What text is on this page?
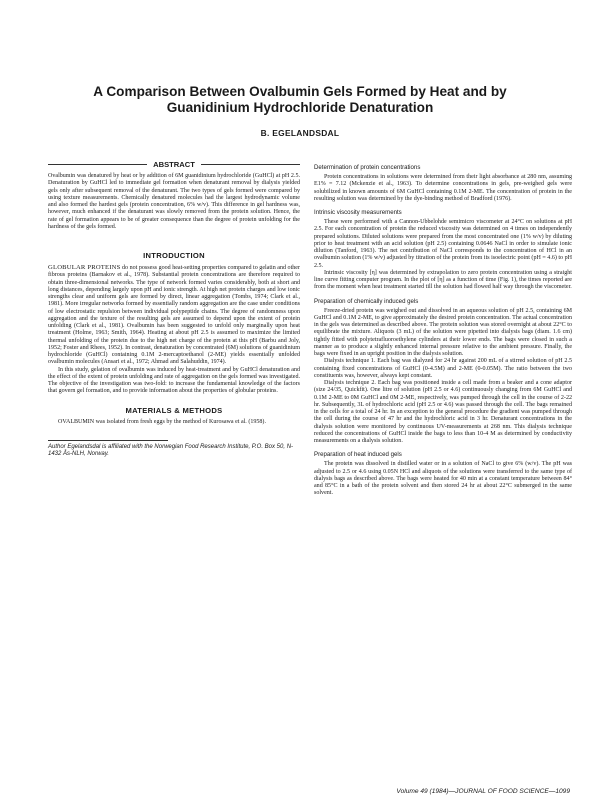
A Comparison Between Ovalbumin Gels Formed by Heat and by Guanidinium Hydrochloride Denaturation
B. EGELANDSDAL
ABSTRACT

Ovalbumin was denatured by heat or by addition of 6M guanidinium hydrochloride (GuHCl) at pH 2.5. Denaturation by GuHCl led to immediate gel formation when denaturant removal by dialysis yielded gels only after subsequent removal of the denaturant. The two types of gels formed were compared by using texture measurements. Chemically denatured molecules had the largest hydrodynamic volume and also formed the hardest gels (protein concentration, 6% w/v). This difference in gel hardness was, however, much enhanced if the denaturant was slowly removed from the protein solution. Hence, the rate of gel formation appears to be of greater consequence than the degree of protein unfolding for the hardness of the gels formed.

INTRODUCTION

GLOBULAR PROTEINS do not possess good heat-setting properties compared to gelatin and other fibrous proteins (Barnakov et al., 1978). Substantial protein concentrations are therefore required to obtain three-dimensional networks. The type of network formed varies considerably, both at short and long distances, depending largely upon pH and ionic strength. At high net protein charges and low ionic strengths clear and uniform gels are formed by direct, linear aggregation (Tombs, 1974; Clark et al., 1981). More irregular networks formed by essentially random aggregation are the case under conditions of low electrostatic repulsion between individual polypeptide chains. The degree of randomness upon aggregation and the texture of the resulting gels are assumed to depend upon the extent of protein unfolding (Clark et al., 1981). Ovalbumin has been suggested to unfold only marginally upon heat treatment (Holme, 1963; Smith, 1964). Heating at about pH 2.5 is assumed to maximize the limited thermal unfolding of the protein due to the high net charge of the protein at this pH (Barbu and Joly, 1952; Foster and Rhees, 1952). In contrast, denaturation by concentrated (6M) solutions of guanidinium hydrochloride (GuHCl) containing 0.1M 2-mercaptoethanol (2-ME) yields essentially unfolded ovalbumin molecules (Ansari et al., 1972; Ahmad and Salahuddin, 1974).

In this study, gelation of ovalbumin was induced by heat-treatment and by GuHCl denaturation and the effect of the extent of protein unfolding and rate of aggregation on the gels formed was investigated. The objective of the investigation was two-fold: to increase the fundamental knowledge of the factors that govern gel formation, and to provide information about the properties of globular proteins.

MATERIALS & METHODS

OVALBUMIN was isolated from fresh eggs by the method of Kurosawa et al. (1958).

Author Egelandsdal is affiliated with the Norwegian Food Research Institute, P.O. Box 50, N-1432 Ås-NLH, Norway.
Determination of protein concentrations

Protein concentrations in solutions were determined from their light absorbance at 280 nm, assuming E1% = 7.12 (Mckenzie et al., 1963). To determine concentrations in gels, pre-weighed gels were solubilized in known amounts of 6M GuHCl containing 0.1M 2-ME. The concentration of protein in the resulting solution was determined by the dye-binding method of Bradford (1976).

Intrinsic viscosity measurements

These were performed with a Cannon-Ubbelohde semimicro viscometer at 24°C on solutions at pH 2.5. For each concentration of protein the reduced viscosity was determined on 4 times on independently prepared solutions. Diluted solutions were prepared from the most concentrated one (1% w/v) by diluting prior to heat treatment with an acid solution (pH 2.5) containing 0.0646 NaCl in order to simulate ionic dilution (Tanford, 1963). The net contribution of NaCl corresponds to the concentration of HCl in an ovalbumin solution (1% w/v) adjusted by titration of the protein from its isoelectric point (pH = 4.6) to pH 2.5.

Intrinsic viscosity [η] was determined by extrapolation to zero protein concentration using a straight line curve fitting computer program. In the plot of [η] as a function of time (Fig. 1), the times reported are from the moment when heat treatment started till the solution had flowed half way through the viscometer.

Preparation of chemically induced gels

Freeze-dried protein was weighed out and dissolved in an aqueous solution of pH 2.5, containing 6M GuHCl and 0.1M 2-ME, to give approximately the desired protein concentration. The actual concentration in the gels was determined as described above. The protein solution was stored overnight at about 22°C to equilibrate the mixture. Aliquots (3 mL) of the solution were pipetted into dialysis bags (diam. 1.6 cm) tightly fitted with polytetrafluoroethylene cylinders at their lower ends. The bags were closed in such a manner as to produce a slightly enhanced internal pressure relative to the ambient pressure. Finally, the bags were fixed in an upright position in the dialysis solution.

Dialysis technique 1. Each bag was dialyzed for 24 hr against 200 mL of a stirred solution of pH 2.5 containing fixed concentrations of GuHCl (0-4.5M) and 2-ME (0-0.05M). The ratio between the two constituents was, however, always kept constant.

Dialysis technique 2. Each bag was positioned inside a cell made from a beaker and a cone adaptor (size 24/35, Quickfit). One litre of solution (pH 2.5 or 4.6) continuously changing from 6M GuHCl and 0.1M 2-ME to 0M GuHCl and 0M 2-ME, respectively, was pumped through the cell in the course of 2-22 hr. Subsequently, 3L of hydrochloric acid (pH 2.5 or 4.6) was passed through the cell. The bags remained in the cells for a total of 24 hr. In an exception to the general procedure the gradient was pumped through the cell during the course of 47 hr and the hydrochloric acid in 3 hr. Denaturant concentrations in the dialysis solution were monitored by continuous UV-measurements at 268 nm. This dialysis technique reduced the concentrations of GuHCl inside the bags to less than 10-4 M as determined by conductivity measurements on a dialysis solution.

Preparation of heat induced gels

The protein was dissolved in distilled water or in a solution of NaCl to give 6% (w/v). The pH was adjusted to 2.5 or 4.6 using 0.05N HCl and aliquots of the solutions were transferred to the same type of dialysis bags as described above. The bags were heated for 40 min at a constant temperature between 84° and 85°C in a bath of the protein solvent and then stored 24 hr at about 22°C submerged in the same solvent.

Volume 49 (1984)—JOURNAL OF FOOD SCIENCE—1099
